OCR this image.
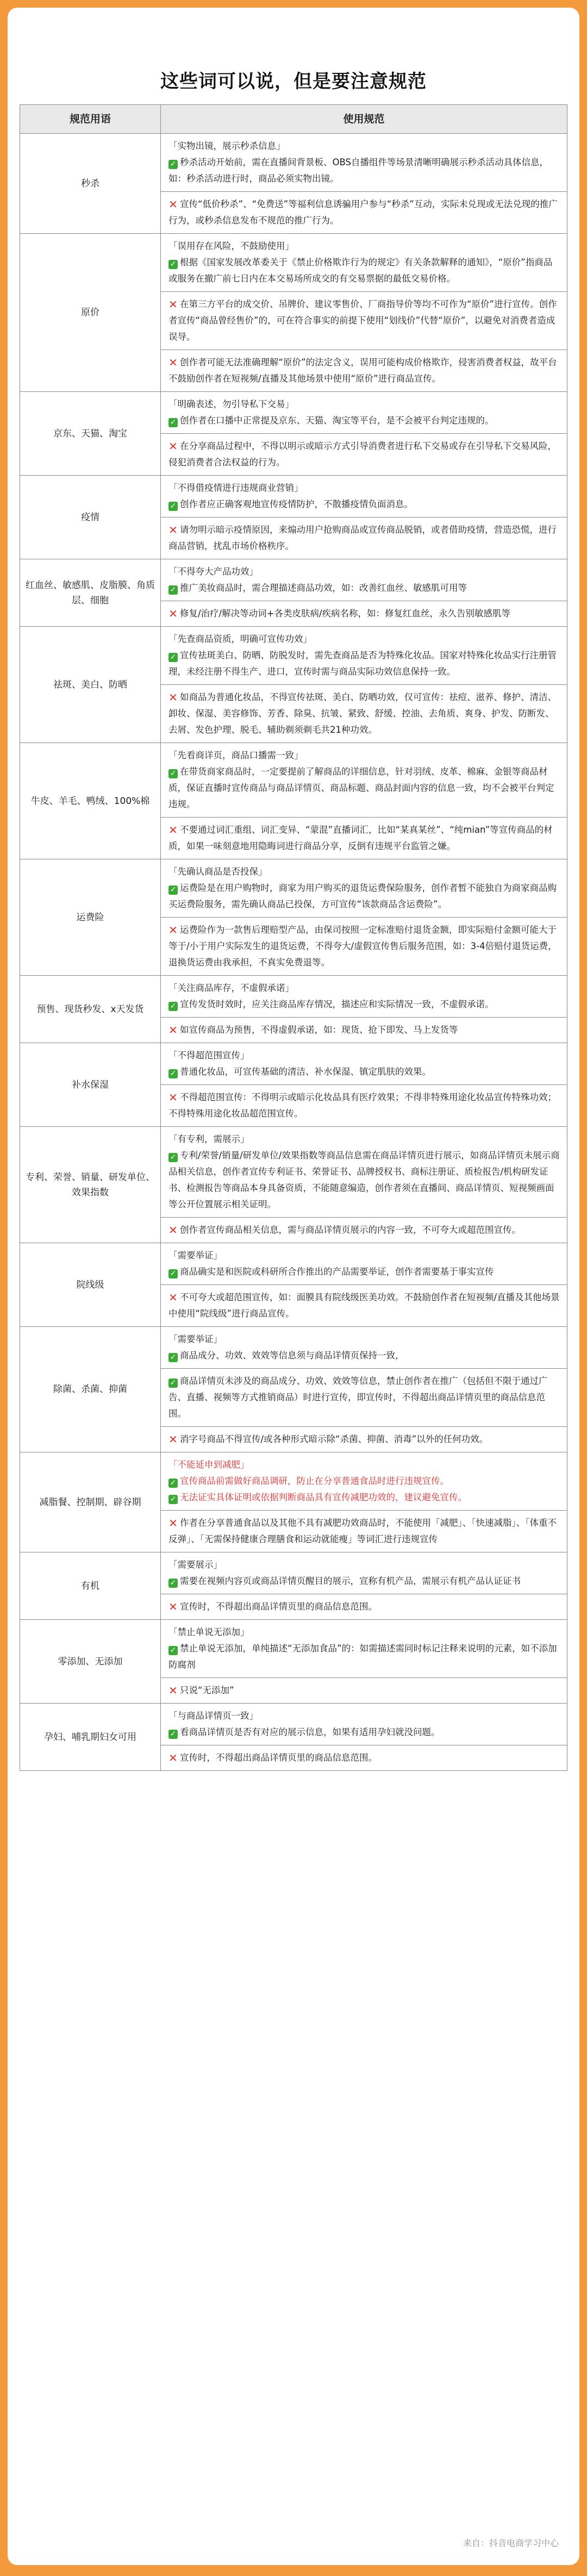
这些词可以说，但是要注意规范
规范用语	使用规范
秒杀	「实物出镜，展示秒杀信息」

✓ 秒杀活动开始前，需在直播间背景板、OBS自播组件等场景清晰明确展示秒杀活动具体信息，如：秒杀活动进行时，商品必须实物出镜。

✕ 宣传“低价秒杀”、“免费送”等福利信息诱骗用户参与“秒杀”互动，实际未兑现或无法兑现的推广行为，或秒杀信息发布不规范的推广行为。

原价	「误用存在风险，不鼓励使用」

✓ 根据《国家发展改革委关于《禁止价格欺诈行为的规定》有关条款解释的通知》，“原价”指商品或服务在撤广前七日内在本交易场所成交的有交易票据的最低交易价格。

✕ 在第三方平台的成交价、吊牌价、建议零售价、厂商指导价等均不可作为“原价”进行宣传。创作者宣传“商品曾经售价”的，可在符合事实的前提下使用“划线价”代替“原价”，以避免对消费者造成误导。

✕ 创作者可能无法准确理解“原价”的法定含义，误用可能构成价格欺诈，侵害消费者权益，故平台不鼓励创作者在短视频/直播及其他场景中使用“原价”进行商品宣传。

京东、天猫、淘宝	「明确表述，勿引导私下交易」

✓ 创作者在口播中正常提及京东、天猫、淘宝等平台，是不会被平台判定违规的。

✕ 在分享商品过程中，不得以明示或暗示方式引导消费者进行私下交易或存在引导私下交易风险，侵犯消费者合法权益的行为。

疫情	「不得借疫情进行违规商业营销」

✓ 创作者应正确客观地宣传疫情防护，不散播疫情负面消息。

✕ 请勿明示暗示疫情原因，来煽动用户抢购商品或宣传商品脱销，或者借助疫情，营造恐慌，进行商品营销，扰乱市场价格秩序。

红血丝、敏感肌、皮脂膜、角质层、细胞	「不得夸大产品功效」

✓ 推广美妆商品时，需合理描述商品功效，如：改善红血丝、敏感肌可用等

✕ 修复/治疗/解决等动词+各类皮肤病/疾病名称，如：修复红血丝，永久告别敏感肌等

祛斑、美白、防晒	「先查商品资质，明确可宣传功效」

✓ 宣传祛斑美白、防晒、防脱发时，需先查商品是否为特殊化妆品。国家对特殊化妆品实行注册管理，未经注册不得生产、进口，宣传时需与商品实际功效信息保持一致。

✕ 如商品为普通化妆品，不得宣传祛斑、美白、防晒功效，仅可宣传：祛痘、滋养、修护、清洁、卸妆、保湿、美容修饰、芳香、除臭、抗皱、紧致、舒缓、控油、去角质、爽身、护发、防断发、去屑、发色护理、脱毛、辅助剃须剃毛共21种功效。

牛皮、羊毛、鸭绒、100%棉	「先看商详页，商品口播需一致」

✓ 在带货商家商品时，一定要提前了解商品的详细信息，针对羽绒、皮革、棉麻、金银等商品材质，保证直播时宣传商品与商品详情页、商品标题、商品封面内容的信息一致，均不会被平台判定违规。

✕ 不要通过词汇重组、词汇变异、“蒙混”直播词汇，比如“某真某丝”、“纯mian”等宣传商品的材质，如果一味刻意地用隐晦词进行商品分享，反倒有违规平台监管之嫌。

运费险	「先确认商品是否投保」

✓ 运费险是在用户购物时，商家为用户购买的退货运费保险服务，创作者暂不能独自为商家商品购买运费险服务，需先确认商品已投保，方可宣传“该款商品含运费险”。

✕ 运费险作为一款售后理赔型产品，由保司按照一定标准赔付退货金额，即实际赔付金额可能大于等于/小于用户实际发生的退货运费，不得夸大/虚假宣传售后服务范围，如：3-4倍赔付退货运费，退换货运费由我承担，不真实免费退等。

预售、现货秒发、x天发货	「关注商品库存，不虚假承诺」

✓ 宣传发货时效时，应关注商品库存情况，描述应和实际情况一致，不虚假承诺。

✕ 如宣传商品为预售，不得虚假承诺，如：现货、抢下即发、马上发货等

补水保湿	「不得超范围宣传」

✓ 普通化妆品，可宣传基础的清洁、补水保湿、镇定肌肤的效果。

✕ 不得超范围宣传：不得明示或暗示化妆品具有医疗效果；不得非特殊用途化妆品宣传特殊功效；不得特殊用途化妆品超范围宣传。

专利、荣誉、销量、研发单位、效果指数	「有专利，需展示」

✓ 专利/荣誉/销量/研发单位/效果指数等商品信息需在商品详情页进行展示，如商品详情页未展示商品相关信息，创作者宣传专利证书、荣誉证书、品牌授权书、商标注册证、质检报告/机构研发证书、检测报告等商品本身具备资质，不能随意编造，创作者须在直播间、商品详情页、短视频画面等公开位置展示相关证明。

✕ 创作者宣传商品相关信息，需与商品详情页展示的内容一致，不可夸大或超范围宣传。

院线级	「需要举证」

✓ 商品确实是和医院或科研所合作推出的产品需要举证，创作者需要基于事实宣传

✕ 不可夸大或超范围宣传，如：面膜具有院线级医美功效。不鼓励创作者在短视频/直播及其他场景中使用“院线级”进行商品宣传。

除菌、杀菌、抑菌	「需要举证」

✓ 商品成分、功效、效效等信息须与商品详情页保持一致，

✓ 商品详情页未涉及的商品成分、功效、效效等信息，禁止创作者在推广（包括但不限于通过广告、直播、视频等方式推销商品）时进行宣传，即宣传时，不得超出商品详情页里的商品信息范围。

✕ 消字号商品不得宣传/或各种形式暗示除“杀菌、抑菌、消毒”以外的任何功效。

减脂餐、控制期、辟谷期	「不能延申到减肥」

✓ 宣传商品前需做好商品调研，防止在分享普通食品时进行违规宣传。

✓ 无法证实具体证明或依据判断商品具有宣传减肥功效的，建议避免宣传。

✕ 作者在分享普通食品以及其他不具有减肥功效商品时，不能使用「减肥」、「快速减脂」、「体重不反弹」、「无需保持健康合理膳食和运动就能瘦」等词汇进行违规宣传

有机	「需要展示」

✓ 需要在视频内容页或商品详情页醒目的展示，宣称有机产品，需展示有机产品认证证书

✕ 宣传时，不得超出商品详情页里的商品信息范围。

零添加、无添加	「禁止单说无添加」

✓ 禁止单说无添加，单纯描述“无添加食品”的：如需描述需同时标记注释来说明的元素，如不添加防腐剂

✕ 只说“无添加”

孕妇、哺乳期妇女可用	「与商品详情页一致」

✓ 看商品详情页是否有对应的展示信息，如果有适用孕妇就没问题。

✕ 宣传时，不得超出商品详情页里的商品信息范围。

来自：抖音电商学习中心
